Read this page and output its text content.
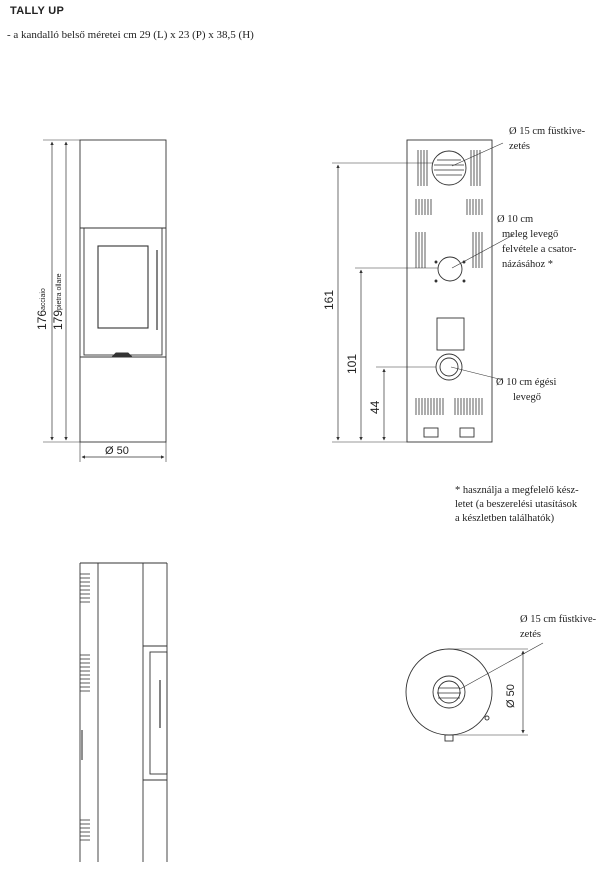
TALLY UP
- a kandalló belső méretei cm 29 (L) x 23 (P) x 38,5 (H)
176
acciaio
179
pietra ollare
Ø 50
161
101
44
Ø 15 cm füstkive-
zetés
Ø 10 cm
meleg levegő
felvétele a csator-
názásához *
Ø 10 cm égési
levegő
Ø 50
Ø 15 cm füstkive-
zetés
* használja a megfelelő kész-
letet (a beszerelési utasítások
a készletben találhatók)
